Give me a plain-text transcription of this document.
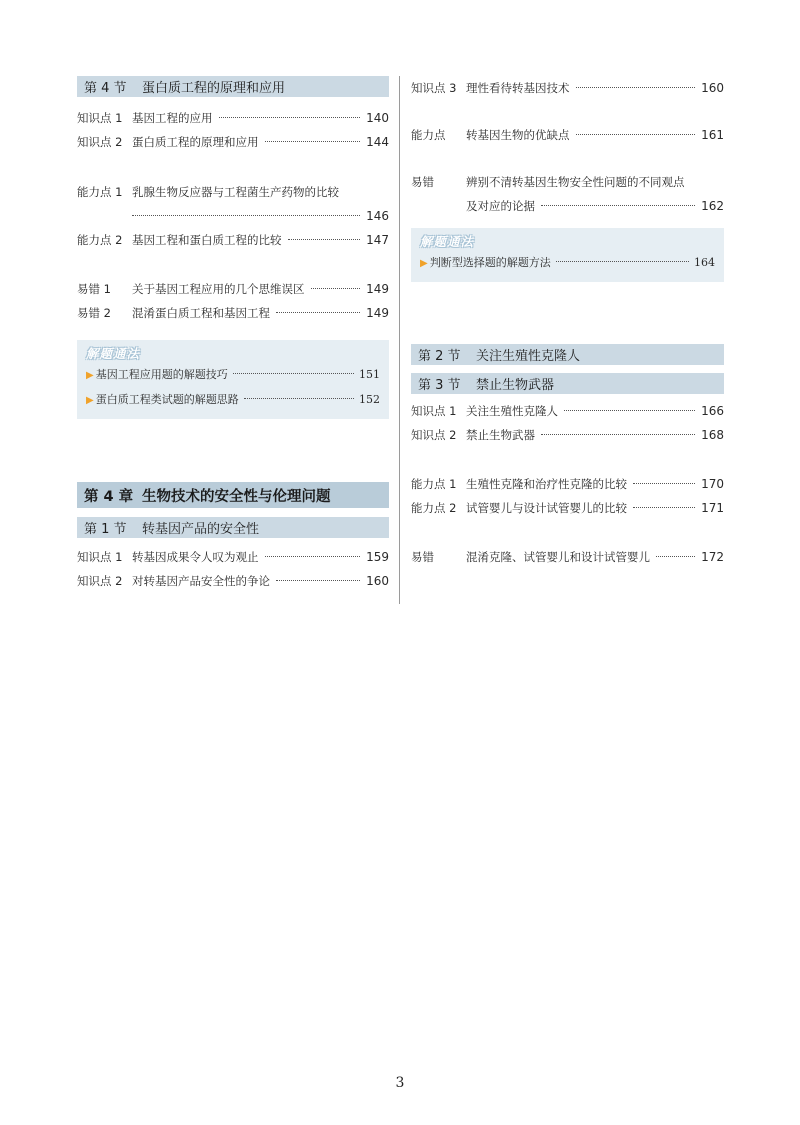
第 4 节	蛋白质工程的原理和应用
知识点 1 基因工程的应用	140
知识点 2 蛋白质工程的原理和应用	144
能力点 1 乳腺生物反应器与工程菌生产药物的比较
146
能力点 2 基因工程和蛋白质工程的比较	147
易错 1	关于基因工程应用的几个思维误区	149
易错 2	混淆蛋白质工程和基因工程	149
解题通法
▶ 基因工程应用题的解题技巧	151
▶ 蛋白质工程类试题的解题思路	152
第 4 章 生物技术的安全性与伦理问题
第 1 节	转基因产品的安全性
知识点 1 转基因成果令人叹为观止	159
知识点 2 对转基因产品安全性的争论	160
知识点 3 理性看待转基因技术	160
能力点	转基因生物的优缺点	161
易错	辨别不清转基因生物安全性问题的不同观点
及对应的论据	162
解题通法
▶ 判断型选择题的解题方法	164
第 2 节	关注生殖性克隆人
第 3 节	禁止生物武器
知识点 1 关注生殖性克隆人	166
知识点 2 禁止生物武器	168
能力点 1 生殖性克隆和治疗性克隆的比较	170
能力点 2 试管婴儿与设计试管婴儿的比较	171
易错	混淆克隆、试管婴儿和设计试管婴儿	172
3
